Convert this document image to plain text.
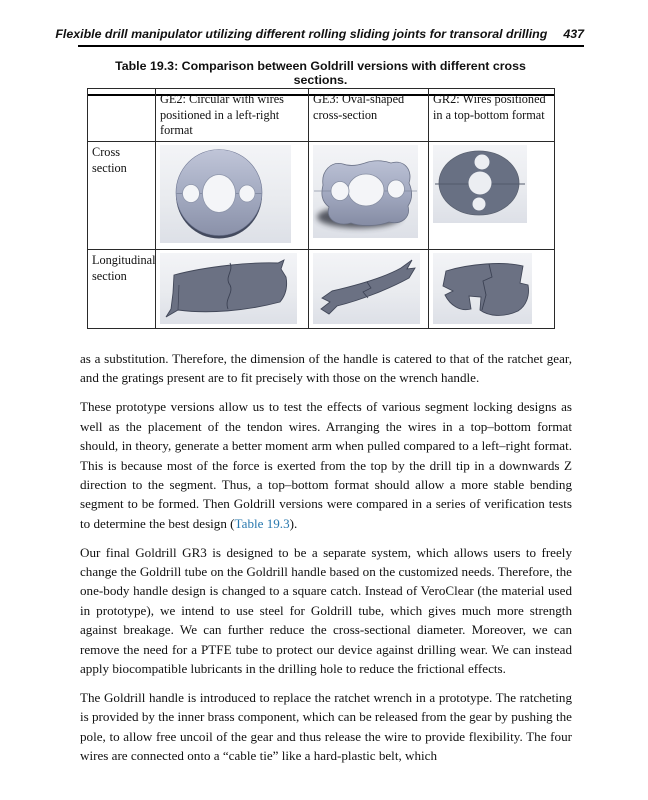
Flexible drill manipulator utilizing different rolling sliding joints for transoral drilling 437
Table 19.3: Comparison between Goldrill versions with different cross sections.
	GE2: Circular with wires positioned in a left-right format	GE3: Oval-shaped cross-section	GR2: Wires positioned in a top-bottom format
Cross section	

Longitudinal section	

as a substitution. Therefore, the dimension of the handle is catered to that of the ratchet gear, and the gratings present are to fit precisely with those on the wrench handle.

These prototype versions allow us to test the effects of various segment locking designs as well as the placement of the tendon wires. Arranging the wires in a top–bottom format should, in theory, generate a better moment arm when pulled compared to a left–right format. This is because most of the force is exerted from the top by the drill tip in a downwards Z direction to the segment. Thus, a top–bottom format should allow a more stable bending segment to be formed. Then Goldrill versions were compared in a series of verification tests to determine the best design (Table 19.3).

Our final Goldrill GR3 is designed to be a separate system, which allows users to freely change the Goldrill tube on the Goldrill handle based on the customized needs. Therefore, the one-body handle design is changed to a square catch. Instead of VeroClear (the material used in prototype), we intend to use steel for Goldrill tube, which gives much more strength against breakage. We can further reduce the cross-sectional diameter. Moreover, we can remove the need for a PTFE tube to protect our device against drilling wear. We can instead apply biocompatible lubricants in the drilling hole to reduce the frictional effects.

The Goldrill handle is introduced to replace the ratchet wrench in a prototype. The ratcheting is provided by the inner brass component, which can be released from the gear by pushing the pole, to allow free uncoil of the gear and thus release the wire to provide flexibility. The four wires are connected onto a “cable tie” like a hard-plastic belt, which
